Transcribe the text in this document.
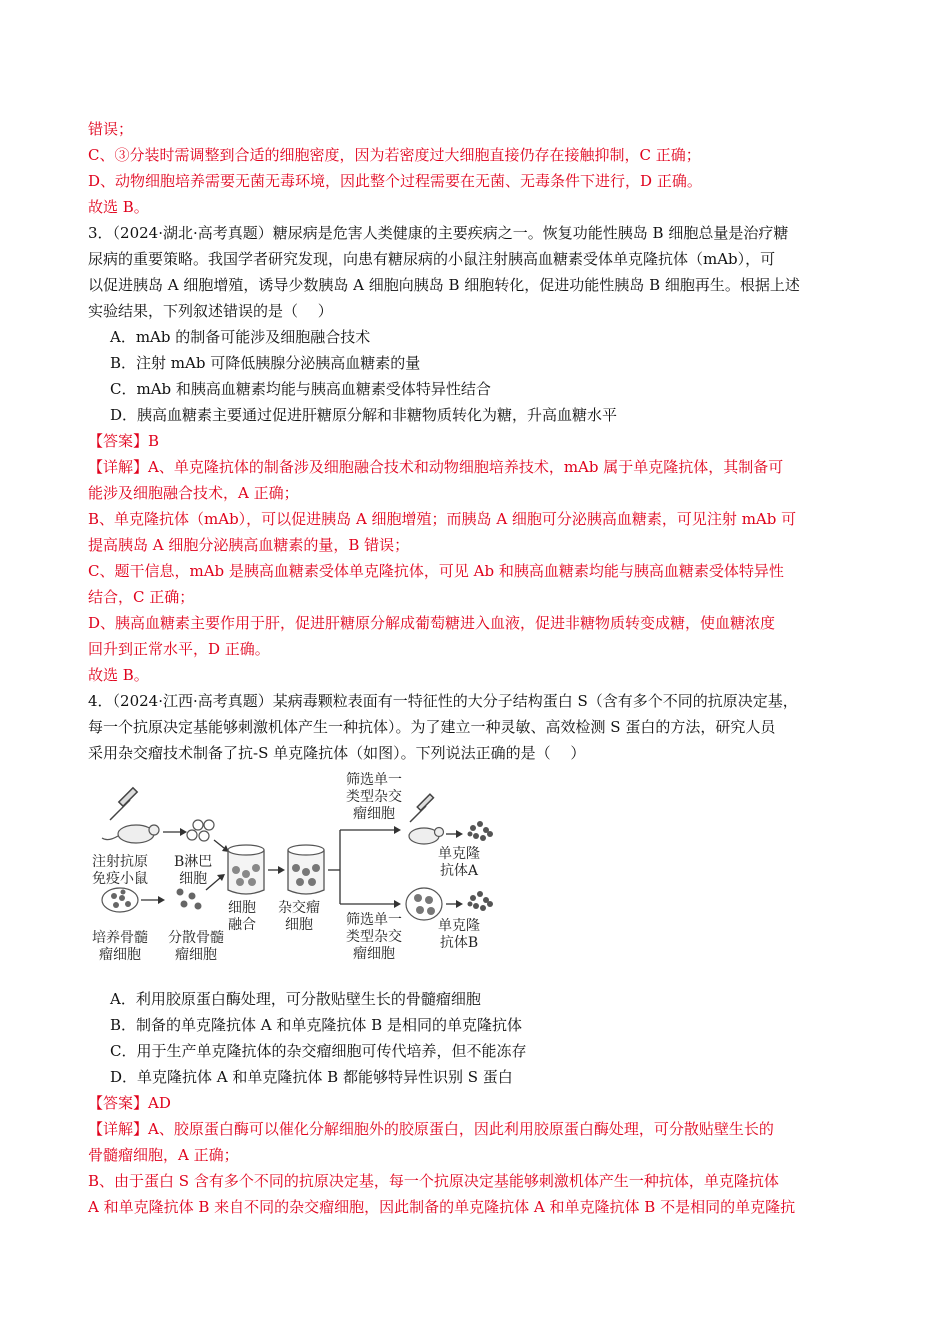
错误；
C、③分装时需调整到合适的细胞密度，因为若密度过大细胞直接仍存在接触抑制，C 正确；
D、动物细胞培养需要无菌无毒环境，因此整个过程需要在无菌、无毒条件下进行，D 正确。
故选 B。
3．（2024·湖北·高考真题）糖尿病是危害人类健康的主要疾病之一。恢复功能性胰岛 B 细胞总量是治疗糖
尿病的重要策略。我国学者研究发现，向患有糖尿病的小鼠注射胰高血糖素受体单克隆抗体（mAb），可
以促进胰岛 A 细胞增殖，诱导少数胰岛 A 细胞向胰岛 B 细胞转化，促进功能性胰岛 B 细胞再生。根据上述
实验结果，下列叙述错误的是（　 ）
A．mAb 的制备可能涉及细胞融合技术
B．注射 mAb 可降低胰腺分泌胰高血糖素的量
C．mAb 和胰高血糖素均能与胰高血糖素受体特异性结合
D．胰高血糖素主要通过促进肝糖原分解和非糖物质转化为糖，升高血糖水平
【答案】B
【详解】A、单克隆抗体的制备涉及细胞融合技术和动物细胞培养技术，mAb 属于单克隆抗体，其制备可
能涉及细胞融合技术，A 正确；
B、单克隆抗体（mAb），可以促进胰岛 A 细胞增殖；而胰岛 A 细胞可分泌胰高血糖素，可见注射 mAb 可
提高胰岛 A 细胞分泌胰高血糖素的量，B 错误；
C、题干信息，mAb 是胰高血糖素受体单克隆抗体，可见 Ab 和胰高血糖素均能与胰高血糖素受体特异性
结合，C 正确；
D、胰高血糖素主要作用于肝，促进肝糖原分解成葡萄糖进入血液，促进非糖物质转变成糖，使血糖浓度
回升到正常水平，D 正确。
故选 B。
4．（2024·江西·高考真题）某病毒颗粒表面有一特征性的大分子结构蛋白 S（含有多个不同的抗原决定基，
每一个抗原决定基能够刺激机体产生一种抗体）。为了建立一种灵敏、高效检测 S 蛋白的方法，研究人员
采用杂交瘤技术制备了抗-S 单克隆抗体（如图）。下列说法正确的是（　 ）
注射抗原
免疫小鼠
B淋巴
细胞
培养骨髓
瘤细胞
分散骨髓
瘤细胞
细胞
融合
杂交瘤
细胞
筛选单一
类型杂交
瘤细胞
筛选单一
类型杂交
瘤细胞
单克隆
抗体A
单克隆
抗体B
A．利用胶原蛋白酶处理，可分散贴壁生长的骨髓瘤细胞
B．制备的单克隆抗体 A 和单克隆抗体 B 是相同的单克隆抗体
C．用于生产单克隆抗体的杂交瘤细胞可传代培养，但不能冻存
D．单克隆抗体 A 和单克隆抗体 B 都能够特异性识别 S 蛋白
【答案】AD
【详解】A、胶原蛋白酶可以催化分解细胞外的胶原蛋白，因此利用胶原蛋白酶处理，可分散贴壁生长的
骨髓瘤细胞，A 正确；
B、由于蛋白 S 含有多个不同的抗原决定基，每一个抗原决定基能够刺激机体产生一种抗体，单克隆抗体
A 和单克隆抗体 B 来自不同的杂交瘤细胞，因此制备的单克隆抗体 A 和单克隆抗体 B 不是相同的单克隆抗
